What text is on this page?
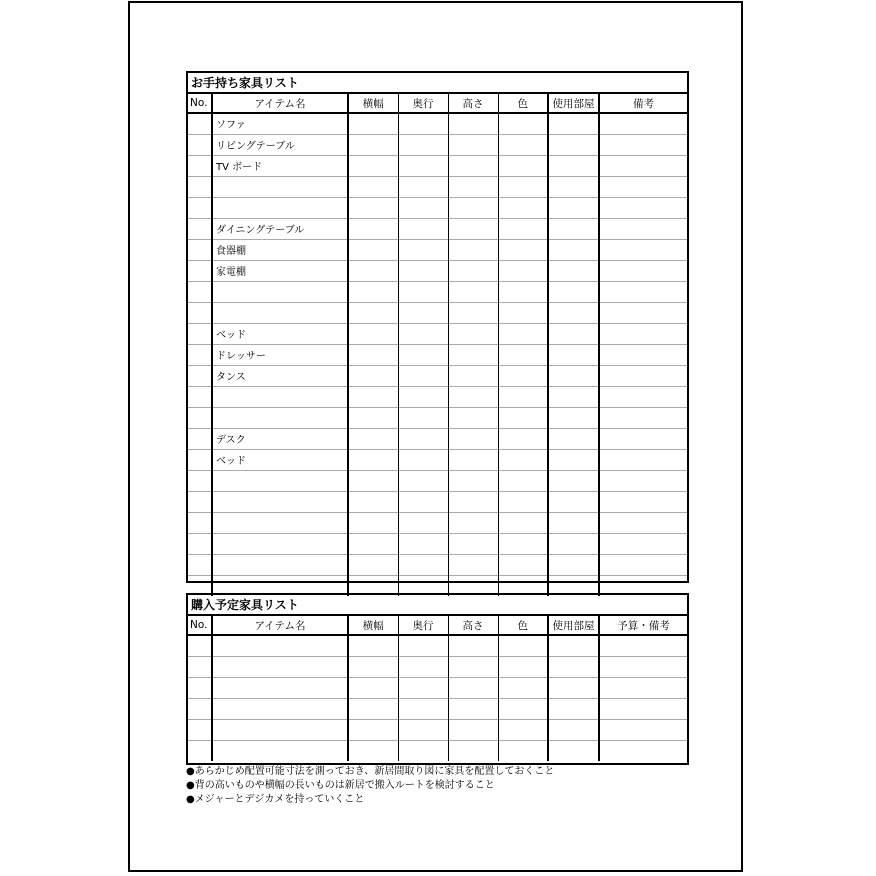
お手持ち家具リスト
No.	アイテム名	横幅	奥行	高さ	色	使用部屋	備考
	ソファ						
	リビングテーブル						
	TV ボード						

	ダイニングテーブル						
	食器棚						
	家電棚						

	ベッド						
	ドレッサー						
	タンス						

	デスク						
	ベッド						

購入予定家具リスト
No.	アイテム名	横幅	奥行	高さ	色	使用部屋	予算・備考

●あらかじめ配置可能寸法を測っておき、新居間取り図に家具を配置しておくこと
●背の高いものや横幅の長いものは新居で搬入ルートを検討すること
●メジャーとデジカメを持っていくこと
